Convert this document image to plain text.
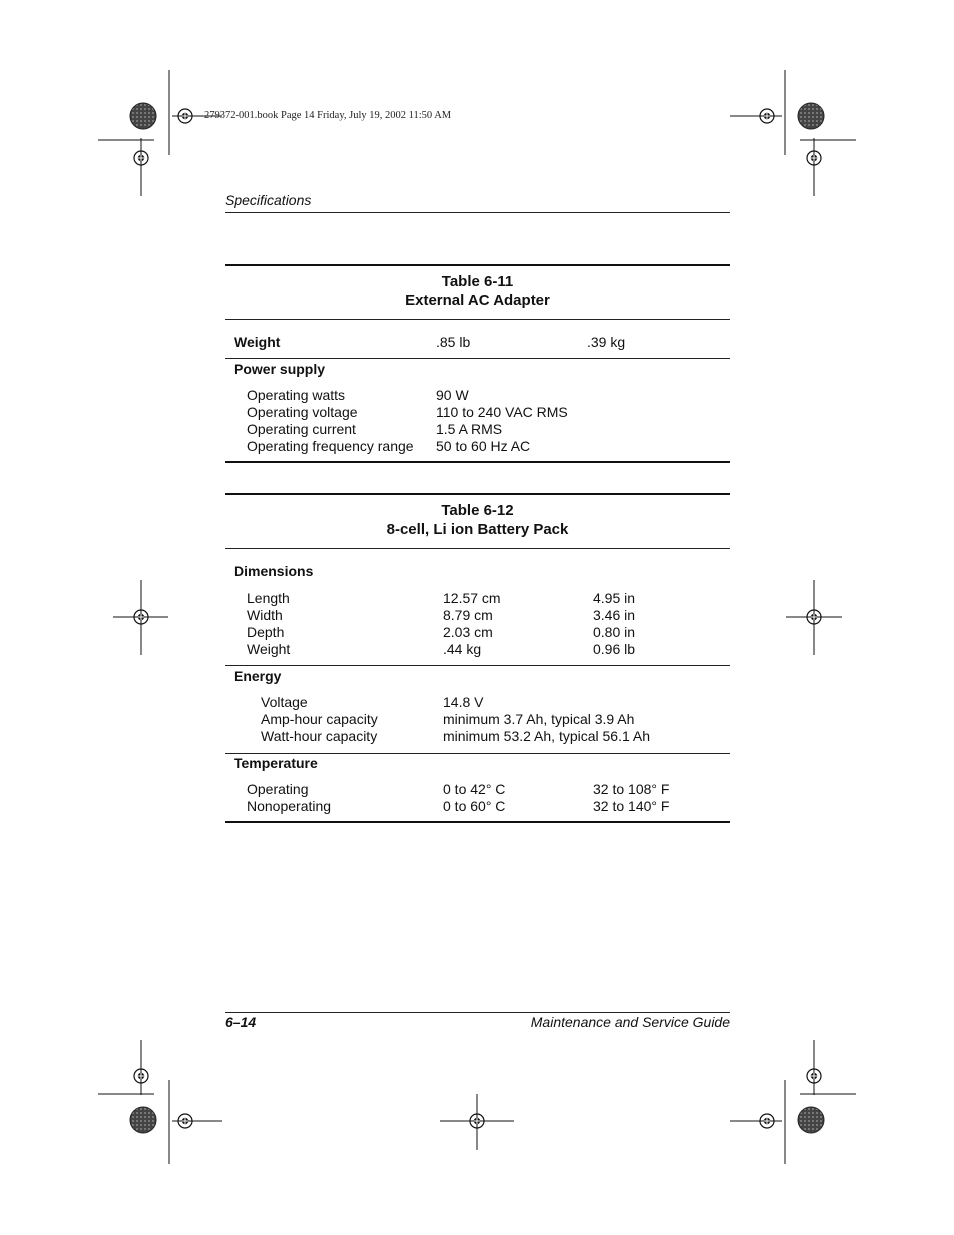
279372-001.book Page 14 Friday, July 19, 2002 11:50 AM
Specifications
Table 6-11
External AC Adapter
Weight	.85 lb	.39 kg
Power supply
Operating watts	90 W
Operating voltage	110 to 240 VAC RMS
Operating current	1.5 A RMS
Operating frequency range 50 to 60 Hz AC
Table 6-12
8-cell, Li ion Battery Pack
Dimensions
Length	12.57 cm	4.95 in
Width	8.79 cm	3.46 in
Depth	2.03 cm	0.80 in
Weight	.44 kg	0.96 lb
Energy
Voltage	14.8 V
Amp-hour capacity	minimum 3.7 Ah, typical 3.9 Ah
Watt-hour capacity	minimum 53.2 Ah, typical 56.1 Ah
Temperature
Operating	0 to 42° C	32 to 108° F
Nonoperating	0 to 60° C	32 to 140° F
6–14	Maintenance and Service Guide
